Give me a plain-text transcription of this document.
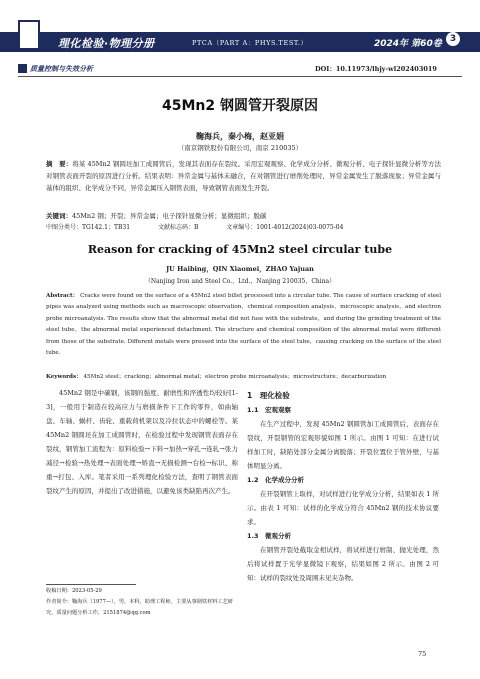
理化检验·物理分册	PTCA（PART A：PHYS.TEST.）	2024年 第60卷 3
质量控制与失效分析	DOI：10.11973/lhjy-wl202403019
45Mn2 钢圆管开裂原因
鞠海兵，秦小梅，赵亚娟
（南京钢铁股份有限公司，南京 210035）
摘　要：将某 45Mn2 钢圆坯加工成圆管后，发现其表面存在裂纹。采用宏观观察、化学成分分析、微观分析、电子探针显微分析等方法对钢管表面开裂的原因进行分析。结果表明：异常金属与基体未融合，在对钢管进行磨削处理时，异常金属发生了脱落现象；异常金属与基体的组织、化学成分不同，异常金属压入钢管表面，导致钢管表面发生开裂。
关键词：45Mn2 钢；开裂；异常金属；电子探针显微分析；显微组织；脱碳
中图分类号：TG142.1；TB31	文献标志码：B	文章编号：1001-4012(2024)03-0075-04
Reason for cracking of 45Mn2 steel circular tube
JU Haibing，QIN Xiaomei，ZHAO Yajuan
（Nanjing Iron and Steel Co.，Ltd.，Nanjing 210035，China）
Abstract： Cracks were found on the surface of a 45Mn2 steel billet processed into a circular tube. The cause of surface cracking of steel pipes was analyzed using methods such as macroscopic observation，chemical composition analysis，microscopic analysis，and electron probe microanalysis. The results show that the abnormal metal did not fuse with the substrate，and during the grinding treatment of the steel tube，the abnormal metal experienced detachment. The structure and chemical composition of the abnormal metal were different from those of the substrate. Different metals were pressed into the surface of the steel tube，causing cracking on the surface of the steel tube.
Keywords： 45Mn2 steel；cracking；abnormal metal；electron probe microanalysis；microstructure；decarburization

45Mn2 钢是中碳钢，该钢的强度、耐磨性和淬透性均较好[1-3]，一般用于制造在较高应力与磨损条件下工作的零件，如曲轴盘、车轴、蜗杆、齿轮、重载荷机架以及冷拉状态中的螺栓等。某 45Mn2 钢圆坯在加工成圆管时，在检验过程中发现钢管表面存在裂纹，钢管加工流程为：原料检验→下料→加热→穿孔→连轧→张力减径→检验→热处理→表面处理→矫直→无损检测→台检→标识、称重→打包、入库。笔者采用一系列理化检验方法，查明了钢管表面裂纹产生的原因，并提出了改进措施，以避免该类缺陷再次产生。

收稿日期：2023-05-29
作者简介：鞠海兵（1977—），男，本科，助理工程师，主要从事钢铁材料工艺研究，质量问题分析工作，2151874@qq.com
1　理化检验
1.1　宏观观察

在生产过程中，发现 45Mn2 钢圆管加工成圆管后，表面存在裂纹，开裂钢管的宏观形貌如图 1 所示。由图 1 可知：在进行试样加工时，缺陷处部分金属分离脱落；开裂位置位于管外壁，与基体明显分离。

1.2　化学成分分析

在开裂钢管上取样，对试样进行化学成分分析，结果如表 1 所示。由表 1 可知：试样的化学成分符合 45Mn2 钢的技术协议要求。

1.3　微观分析

在钢管开裂处截取金相试样，将试样进行磨制、抛光处理，然后将试样置于光学显微镜下观察，结果如图 2 所示。由图 2 可知：试样的裂纹处及周围未见夹杂物。

75
